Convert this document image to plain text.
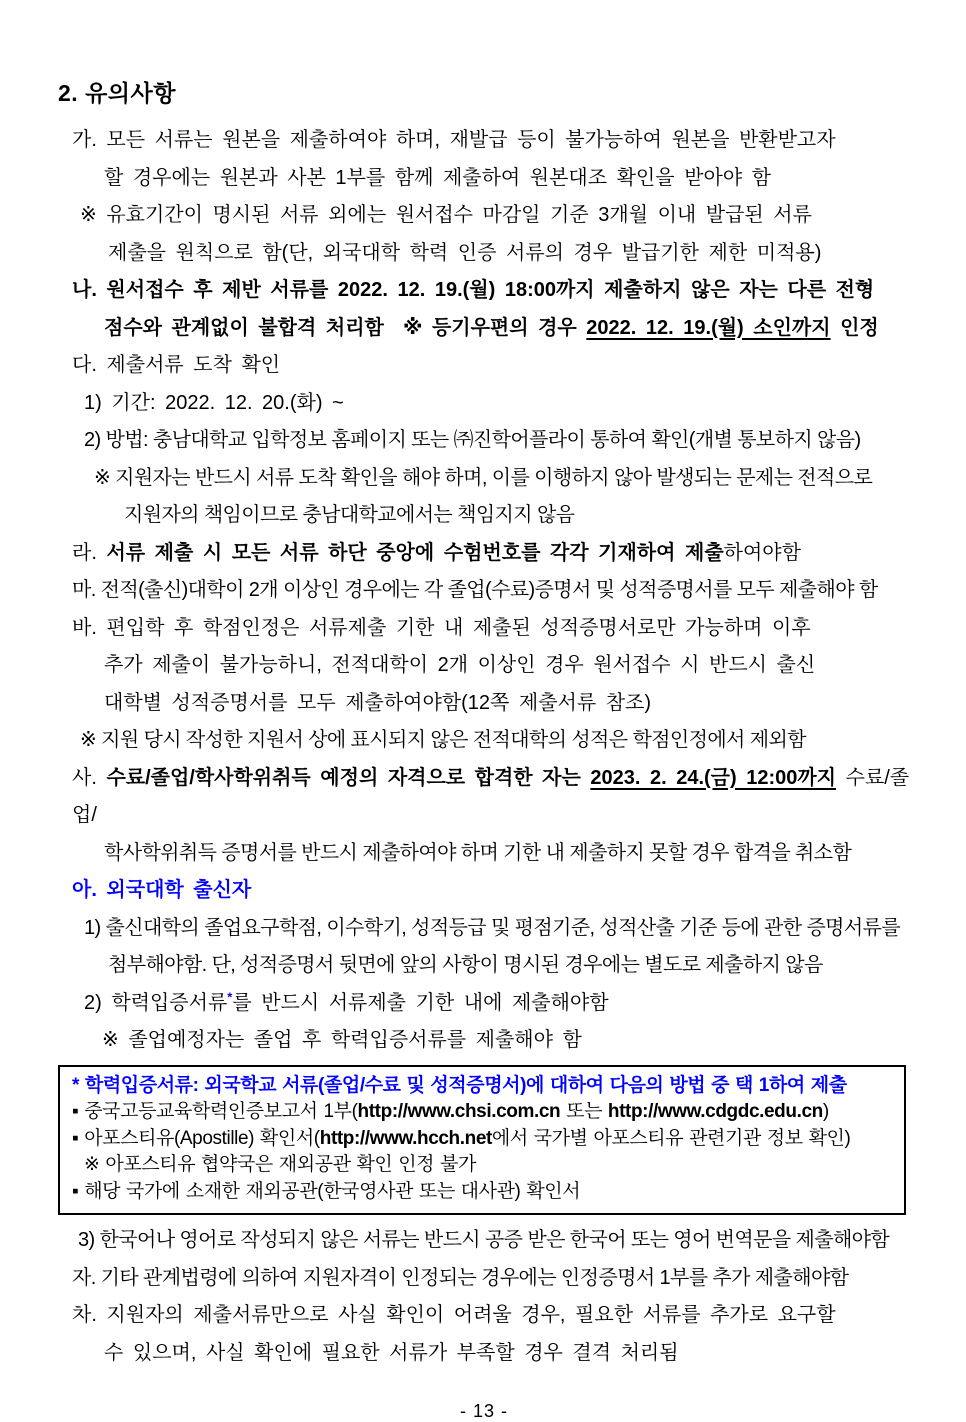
2. 유의사항
가. 모든 서류는 원본을 제출하여야 하며, 재발급 등이 불가능하여 원본을 반환받고자
할 경우에는 원본과 사본 1부를 함께 제출하여 원본대조 확인을 받아야 함
※ 유효기간이 명시된 서류 외에는 원서접수 마감일 기준 3개월 이내 발급된 서류
제출을 원칙으로 함(단, 외국대학 학력 인증 서류의 경우 발급기한 제한 미적용)
나. 원서접수 후 제반 서류를 2022. 12. 19.(월) 18:00까지 제출하지 않은 자는 다른 전형
점수와 관계없이 불합격 처리함  ※ 등기우편의 경우 2022. 12. 19.(월) 소인까지 인정
다. 제출서류 도착 확인
1) 기간: 2022. 12. 20.(화) ~
2) 방법: 충남대학교 입학정보 홈페이지 또는 ㈜진학어플라이 통하여 확인(개별 통보하지 않음)
※ 지원자는 반드시 서류 도착 확인을 해야 하며, 이를 이행하지 않아 발생되는 문제는 전적으로
지원자의 책임이므로 충남대학교에서는 책임지지 않음
라. 서류 제출 시 모든 서류 하단 중앙에 수험번호를 각각 기재하여 제출하여야함
마. 전적(출신)대학이 2개 이상인 경우에는 각 졸업(수료)증명서 및 성적증명서를 모두 제출해야 함
바. 편입학 후 학점인정은 서류제출 기한 내 제출된 성적증명서로만 가능하며 이후
추가 제출이 불가능하니, 전적대학이 2개 이상인 경우 원서접수 시 반드시 출신
대학별 성적증명서를 모두 제출하여야함(12쪽 제출서류 참조)
※ 지원 당시 작성한 지원서 상에 표시되지 않은 전적대학의 성적은 학점인정에서 제외함
사. 수료/졸업/학사학위취득 예정의 자격으로 합격한 자는 2023. 2. 24.(금) 12:00까지 수료/졸업/
학사학위취득 증명서를 반드시 제출하여야 하며 기한 내 제출하지 못할 경우 합격을 취소함
아. 외국대학 출신자
1) 출신대학의 졸업요구학점, 이수학기, 성적등급 및 평점기준, 성적산출 기준 등에 관한 증명서류를
첨부해야함. 단, 성적증명서 뒷면에 앞의 사항이 명시된 경우에는 별도로 제출하지 않음
2) 학력입증서류*를 반드시 서류제출 기한 내에 제출해야함
※ 졸업예정자는 졸업 후 학력입증서류를 제출해야 함
* 학력입증서류: 외국학교 서류(졸업/수료 및 성적증명서)에 대하여 다음의 방법 중 택 1하여 제출
▪ 중국고등교육학력인증보고서 1부(http://www.chsi.com.cn 또는 http://www.cdgdc.edu.cn)
▪ 아포스티유(Apostille) 확인서(http://www.hcch.net에서 국가별 아포스티유 관련기관 정보 확인)
※ 아포스티유 협약국은 재외공관 확인 인정 불가
▪ 해당 국가에 소재한 재외공관(한국영사관 또는 대사관) 확인서
3) 한국어나 영어로 작성되지 않은 서류는 반드시 공증 받은 한국어 또는 영어 번역문을 제출해야함
자. 기타 관계법령에 의하여 지원자격이 인정되는 경우에는 인정증명서 1부를 추가 제출해야함
차. 지원자의 제출서류만으로 사실 확인이 어려울 경우, 필요한 서류를 추가로 요구할
수 있으며, 사실 확인에 필요한 서류가 부족할 경우 결격 처리됨
- 13 -
